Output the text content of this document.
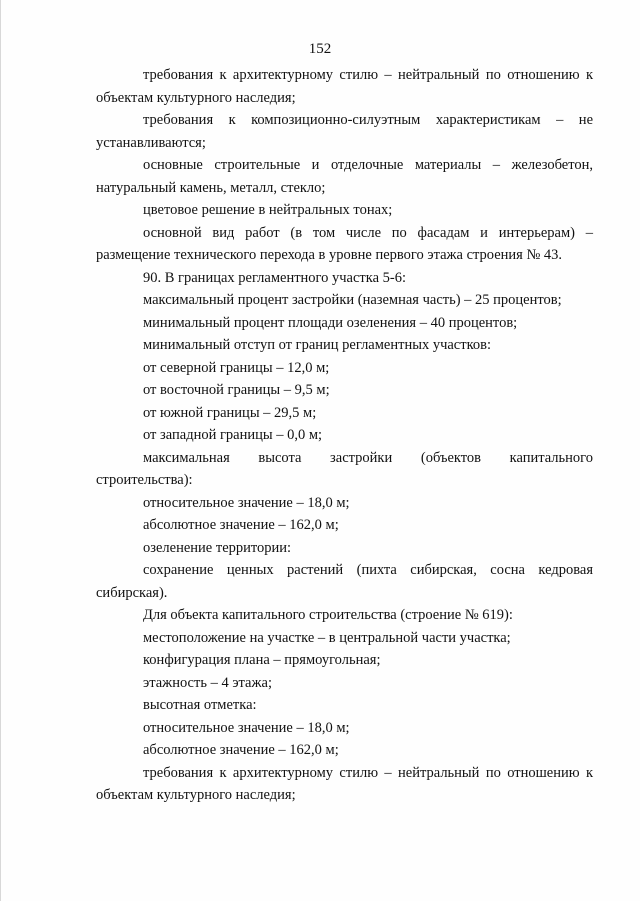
152

требования к архитектурному стилю – нейтральный по отношению к объектам культурного наследия;

требования к композиционно-силуэтным характеристикам – не устанавливаются;

основные строительные и отделочные материалы – железобетон, натуральный камень, металл, стекло;

цветовое решение в нейтральных тонах;

основной вид работ (в том числе по фасадам и интерьерам) – размещение технического перехода в уровне первого этажа строения № 43.

90. В границах регламентного участка 5-6:

максимальный процент застройки (наземная часть) – 25 процентов;

минимальный процент площади озеленения – 40 процентов;

минимальный отступ от границ регламентных участков:

от северной границы – 12,0 м;

от восточной границы – 9,5 м;

от южной границы – 29,5 м;

от западной границы – 0,0 м;

максимальная высота застройки (объектов капитального строительства):

относительное значение – 18,0 м;

абсолютное значение – 162,0 м;

озеленение территории:

сохранение ценных растений (пихта сибирская, сосна кедровая сибирская).

Для объекта капитального строительства (строение № 619):

местоположение на участке – в центральной части участка;

конфигурация плана – прямоугольная;

этажность – 4 этажа;

высотная отметка:

относительное значение – 18,0 м;

абсолютное значение – 162,0 м;

требования к архитектурному стилю – нейтральный по отношению к объектам культурного наследия;
